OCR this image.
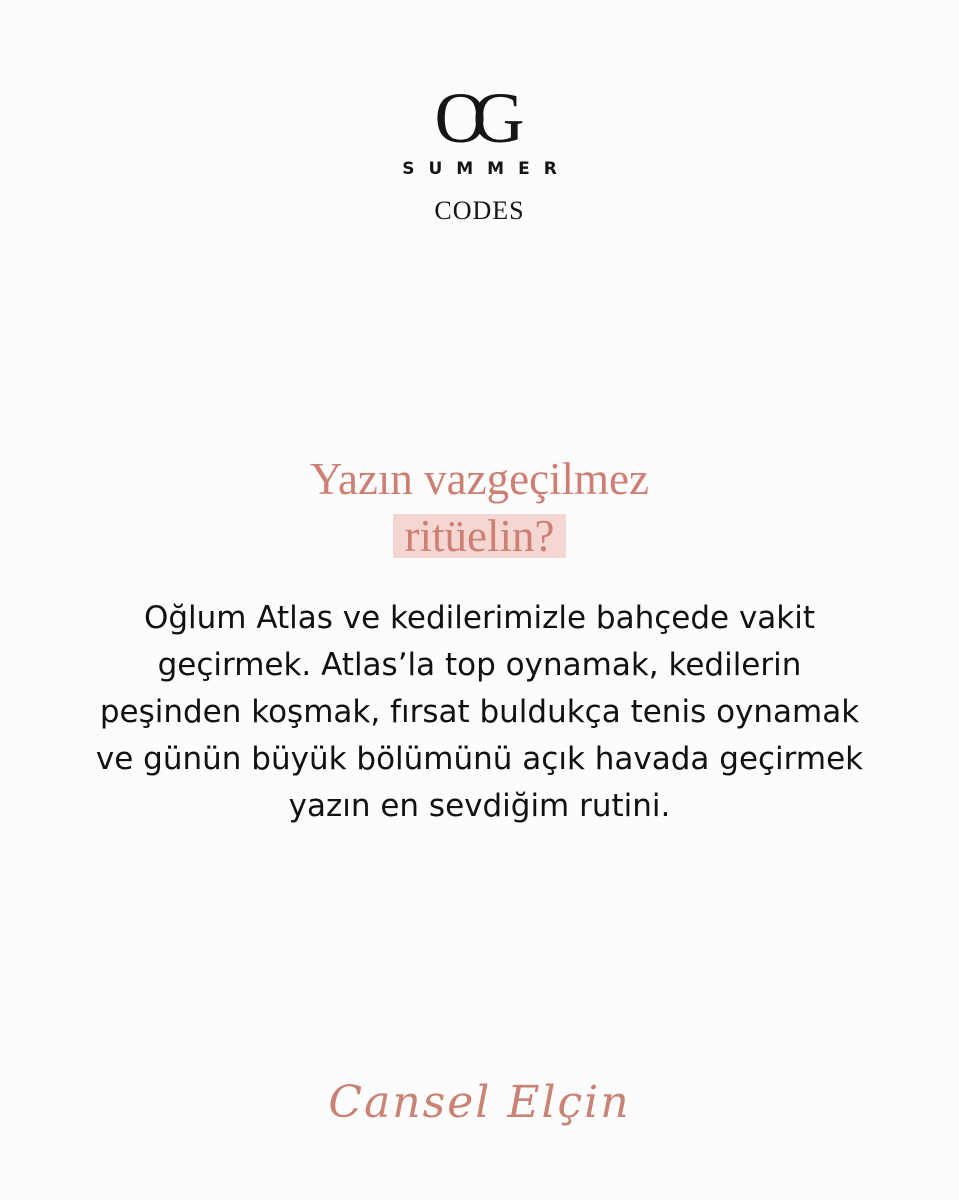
OG
SUMMER
CODES
Yazın vazgeçilmez
ritüelin?
Oğlum Atlas ve kedilerimizle bahçede vakit geçirmek. Atlas’la top oynamak, kedilerin peşinden koşmak, fırsat buldukça tenis oynamak ve günün büyük bölümünü açık havada geçirmek yazın en sevdiğim rutini.
Cansel Elçin
